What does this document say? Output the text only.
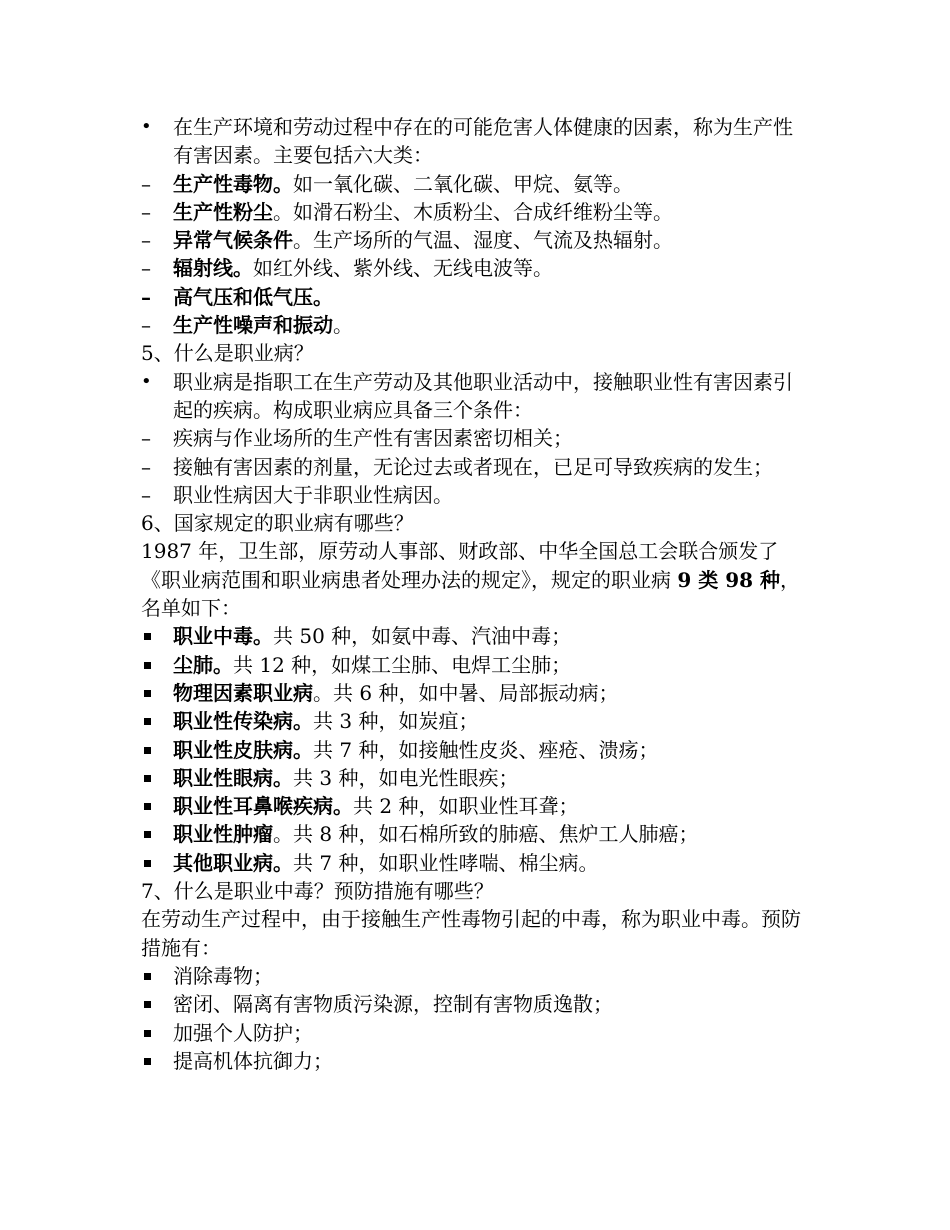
•	在生产环境和劳动过程中存在的可能危害人体健康的因素，称为生产性有害因素。主要包括六大类：
–	生产性毒物。如一氧化碳、二氧化碳、甲烷、氨等。
–	生产性粉尘。如滑石粉尘、木质粉尘、合成纤维粉尘等。
–	异常气候条件。生产场所的气温、湿度、气流及热辐射。
–	辐射线。如红外线、紫外线、无线电波等。
–	高气压和低气压。
–	生产性噪声和振动。
5、什么是职业病？
•	职业病是指职工在生产劳动及其他职业活动中，接触职业性有害因素引起的疾病。构成职业病应具备三个条件：
–	疾病与作业场所的生产性有害因素密切相关；
– 接触有害因素的剂量，无论过去或者现在，已足可导致疾病的发生；
–	职业性病因大于非职业性病因。
6、国家规定的职业病有哪些？
1987 年，卫生部，原劳动人事部、财政部、中华全国总工会联合颁发了《职业病范围和职业病患者处理办法的规定》，规定的职业病 9 类 98 种，名单如下：
职业中毒。共 50 种，如氨中毒、汽油中毒；
尘肺。共 12 种，如煤工尘肺、电焊工尘肺；
物理因素职业病。共 6 种，如中暑、局部振动病；
职业性传染病。共 3 种，如炭疽；
职业性皮肤病。共 7 种，如接触性皮炎、痤疮、溃疡；
职业性眼病。共 3 种，如电光性眼疾；
职业性耳鼻喉疾病。共 2 种，如职业性耳聋；
职业性肿瘤。共 8 种，如石棉所致的肺癌、焦炉工人肺癌；
其他职业病。共 7 种，如职业性哮喘、棉尘病。
7、什么是职业中毒？预防措施有哪些？
在劳动生产过程中，由于接触生产性毒物引起的中毒，称为职业中毒。预防措施有：
消除毒物；
密闭、隔离有害物质污染源，控制有害物质逸散；
加强个人防护；
提高机体抗御力；
